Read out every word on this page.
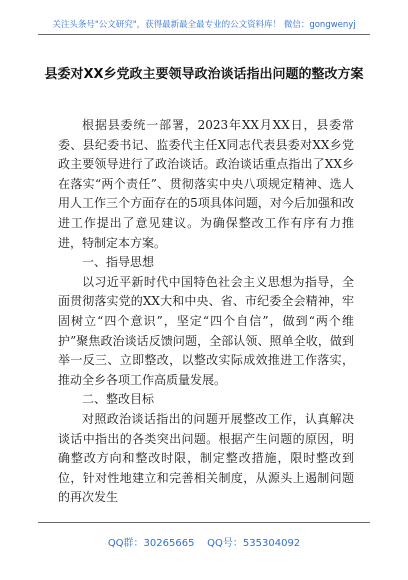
关注头条号"公文研究"，获得最新最全最专业的公文资料库！ 微信：gongwenyj
县委对XX乡党政主要领导政治谈话指出问题的整改方案

根据县委统一部署，2023年XX月XX日，县委常委、县纪委书记、监委代主任X同志代表县委对XX乡党政主要领导进行了政治谈话。政治谈话重点指出了XX乡在落实“两个责任”、贯彻落实中央八项规定精神、选人用人工作三个方面存在的5项具体问题，对今后加强和改进工作提出了意见建议。为确保整改工作有序有力推进，特制定本方案。

一、指导思想

以习近平新时代中国特色社会主义思想为指导，全面贯彻落实党的XX大和中央、省、市纪委全会精神，牢固树立“四个意识”，坚定“四个自信”，做到“两个维护”聚焦政治谈话反馈问题，全部认领、照单全收，做到举一反三、立即整改，以整改实际成效推进工作落实，推动全乡各项工作高质量发展。

二、整改目标

对照政治谈话指出的问题开展整改工作，认真解决谈话中指出的各类突出问题。根据产生问题的原因，明确整改方向和整改时限，制定整改措施，限时整改到位，针对性地建立和完善相关制度，从源头上遏制问题的再次发生

QQ群：30265665    QQ号：535304092
